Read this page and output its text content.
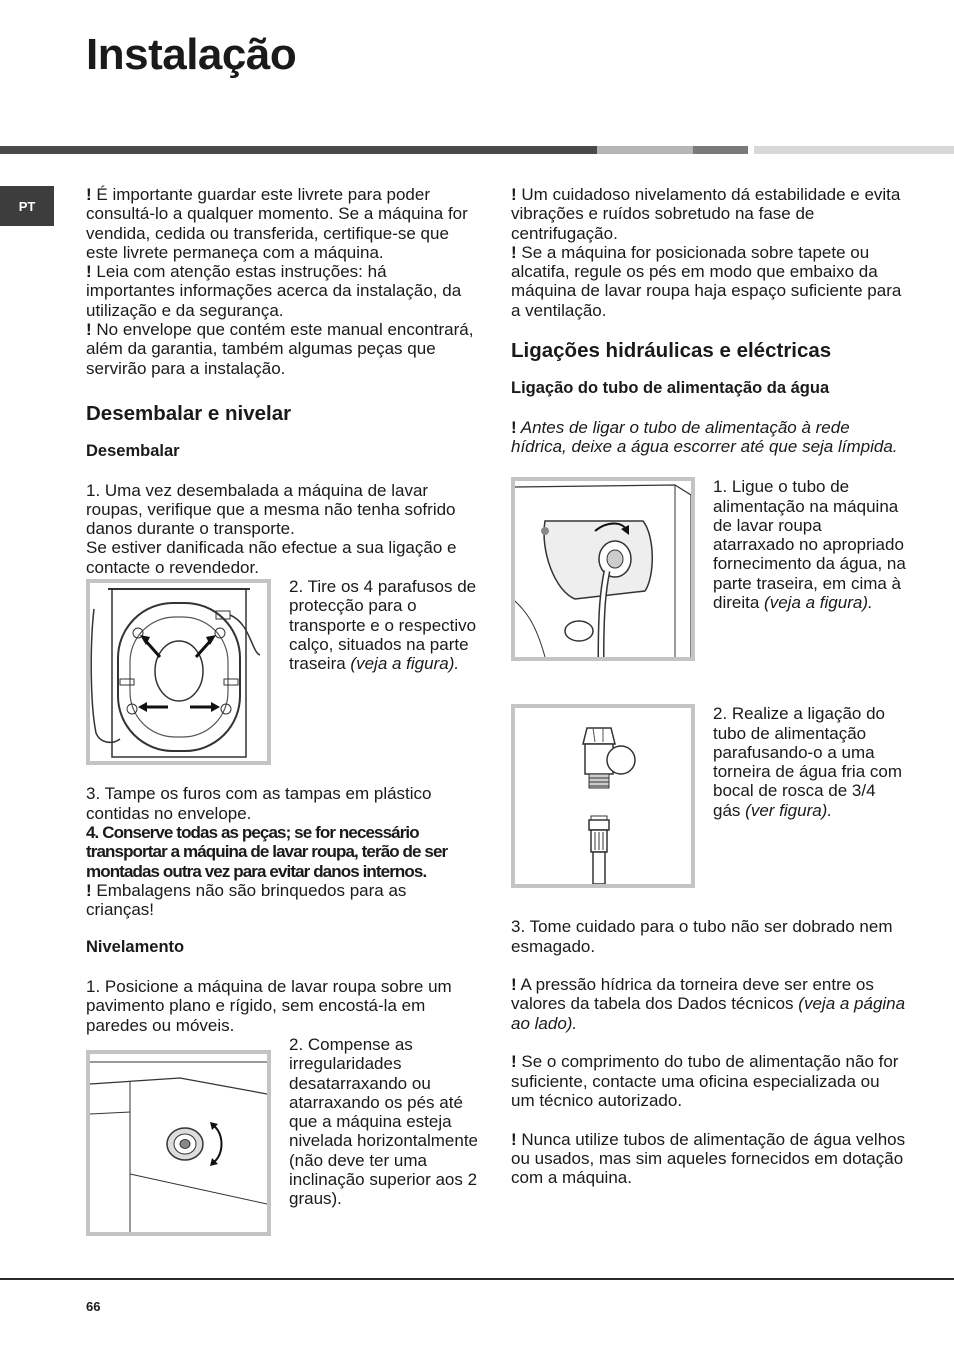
Instalação
PT

! É importante guardar este livrete para poder consultá-lo a qualquer momento. Se a máquina for vendida, cedida ou transferida, certifique-se que este livrete permaneça com a máquina.

! Leia com atenção estas instruções: há importantes informações acerca da instalação, da utilização e da segurança.

! No envelope que contém este manual encontrará, além da garantia, também algumas peças que servirão para a instalação.

Desembalar e nivelar
Desembalar

1. Uma vez desembalada a máquina de lavar roupas, verifique que a mesma não tenha sofrido danos durante o transporte.

Se estiver danificada não efectue a sua ligação e contacte o revendedor.

2. Tire os 4 parafusos de protecção para o transporte e o respectivo calço, situados na parte traseira (veja a figura).

3. Tampe os furos com as tampas em plástico contidas no envelope.

4. Conserve todas as peças; se for necessário transportar a máquina de lavar roupa, terão de ser montadas outra vez para evitar danos internos.

! Embalagens não são brinquedos para as crianças!

Nivelamento

1. Posicione a máquina de lavar roupa sobre um pavimento plano e rígido, sem encostá-la em paredes ou móveis.

2. Compense as irregularidades desatarraxando ou atarraxando os pés até que a máquina esteja nivelada horizontalmente (não deve ter uma inclinação superior aos 2 graus).

! Um cuidadoso nivelamento dá estabilidade e evita vibrações e ruídos sobretudo na fase de centrifugação.

! Se a máquina for posicionada sobre tapete ou alcatifa, regule os pés em modo que embaixo da máquina de lavar roupa haja espaço suficiente para a ventilação.

Ligações hidráulicas e eléctricas
Ligação do tubo de alimentação da água

! Antes de ligar o tubo de alimentação à rede hídrica, deixe a água escorrer até que seja límpida.

1. Ligue o tubo de alimentação na máquina de lavar roupa atarraxado no apropriado fornecimento da água, na parte traseira, em cima à direita (veja a figura).

2. Realize a ligação do tubo de alimentação parafusando-o a uma torneira de água fria com bocal de rosca de 3/4 gás (ver figura).

3. Tome cuidado para o tubo não ser dobrado nem esmagado.

! A pressão hídrica da torneira deve ser entre os valores da tabela dos Dados técnicos (veja a página ao lado).

! Se o comprimento do tubo de alimentação não for suficiente, contacte uma oficina especializada ou um técnico autorizado.

! Nunca utilize tubos de alimentação de água velhos ou usados, mas sim aqueles fornecidos em dotação com a máquina.

66
